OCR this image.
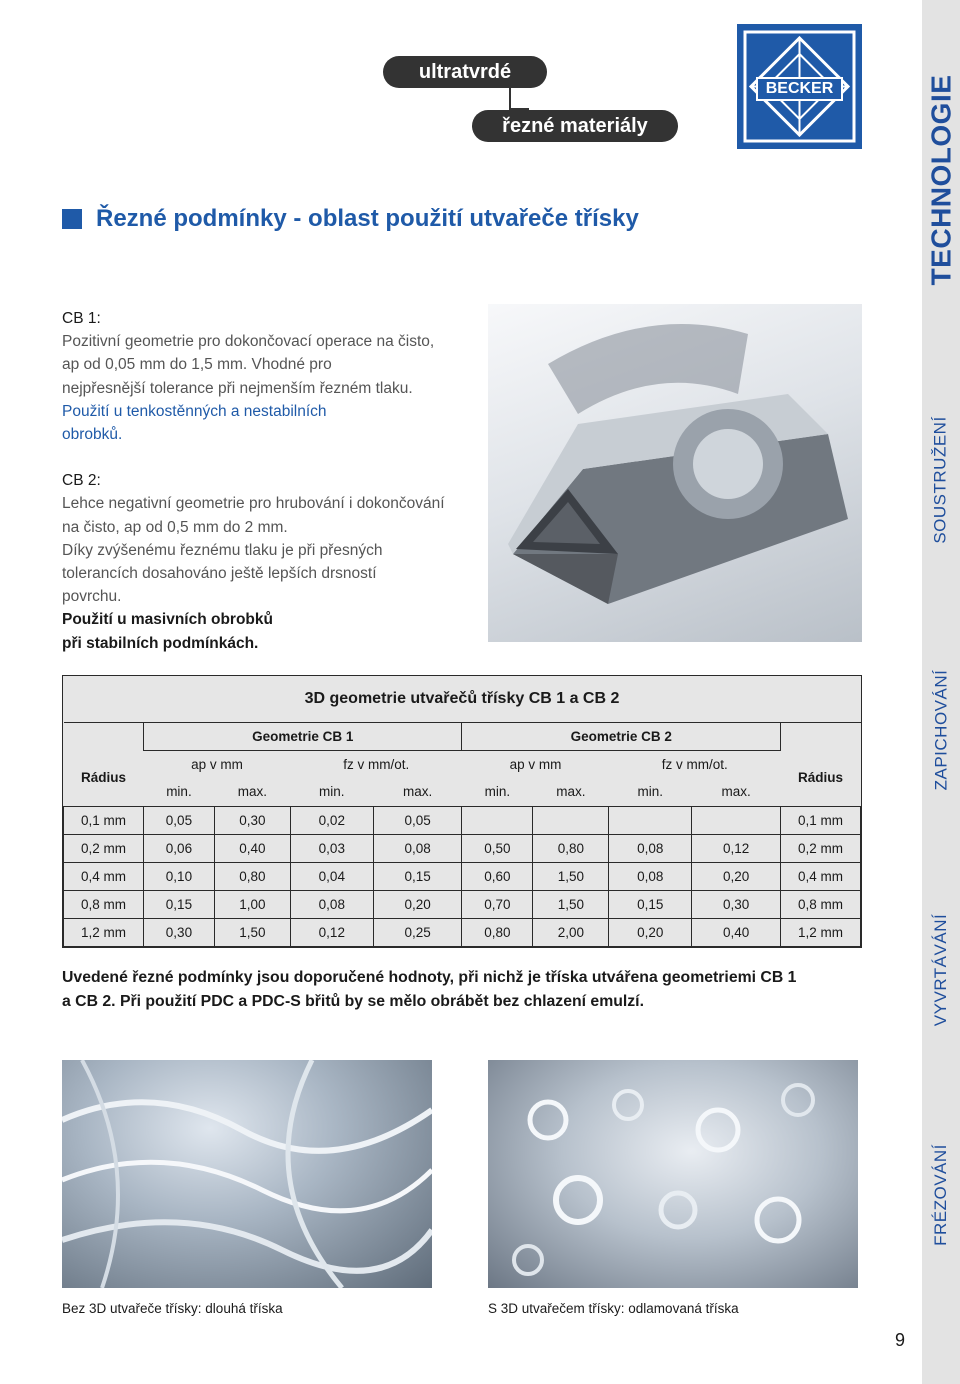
TECHNOLOGIE
SOUSTRUŽENÍ
ZAPICHOVÁNÍ
VYVRTÁVÁNÍ
FRÉZOVÁNÍ
ultratvrdé
řezné materiály
BECKER
Řezné podmínky - oblast použití utvařeče třísky
CB 1:
Pozitivní geometrie pro dokončovací operace na čisto,
ap od 0,05 mm do 1,5 mm. Vhodné pro
nejpřesnější tolerance při nejmenším řezném tlaku.
Použití u tenkostěnných a nestabilních
obrobků.
CB 2:
Lehce negativní geometrie pro hrubování i dokončování
na čisto, ap od 0,5 mm do 2 mm.
Díky zvýšenému řeznému tlaku je při přesných
tolerancích dosahováno ještě lepších drsností
povrchu.
Použití u masivních obrobků
při stabilních podmínkách.
3D geometrie utvařečů třísky CB 1 a CB 2									
	Geometrie CB 1				Geometrie CB 2				
Rádius	ap v mm		fz v mm/ot.		ap v mm		fz v mm/ot.		Rádius
	min.	max.	min.	max.	min.	max.	min.	max.	
0,1 mm	0,05	0,30	0,02	0,05					0,1 mm
0,2 mm	0,06	0,40	0,03	0,08	0,50	0,80	0,08	0,12	0,2 mm
0,4 mm	0,10	0,80	0,04	0,15	0,60	1,50	0,08	0,20	0,4 mm
0,8 mm	0,15	1,00	0,08	0,20	0,70	1,50	0,15	0,30	0,8 mm
1,2 mm	0,30	1,50	0,12	0,25	0,80	2,00	0,20	0,40	1,2 mm
Uvedené řezné podmínky jsou doporučené hodnoty, při nichž je tříska utvářena geometriemi CB 1
a CB 2. Při použití PDC a PDC-S břitů by se mělo obrábět bez chlazení emulzí.
Bez 3D utvařeče třísky: dlouhá tříska	S 3D utvařečem třísky: odlamovaná tříska
9
